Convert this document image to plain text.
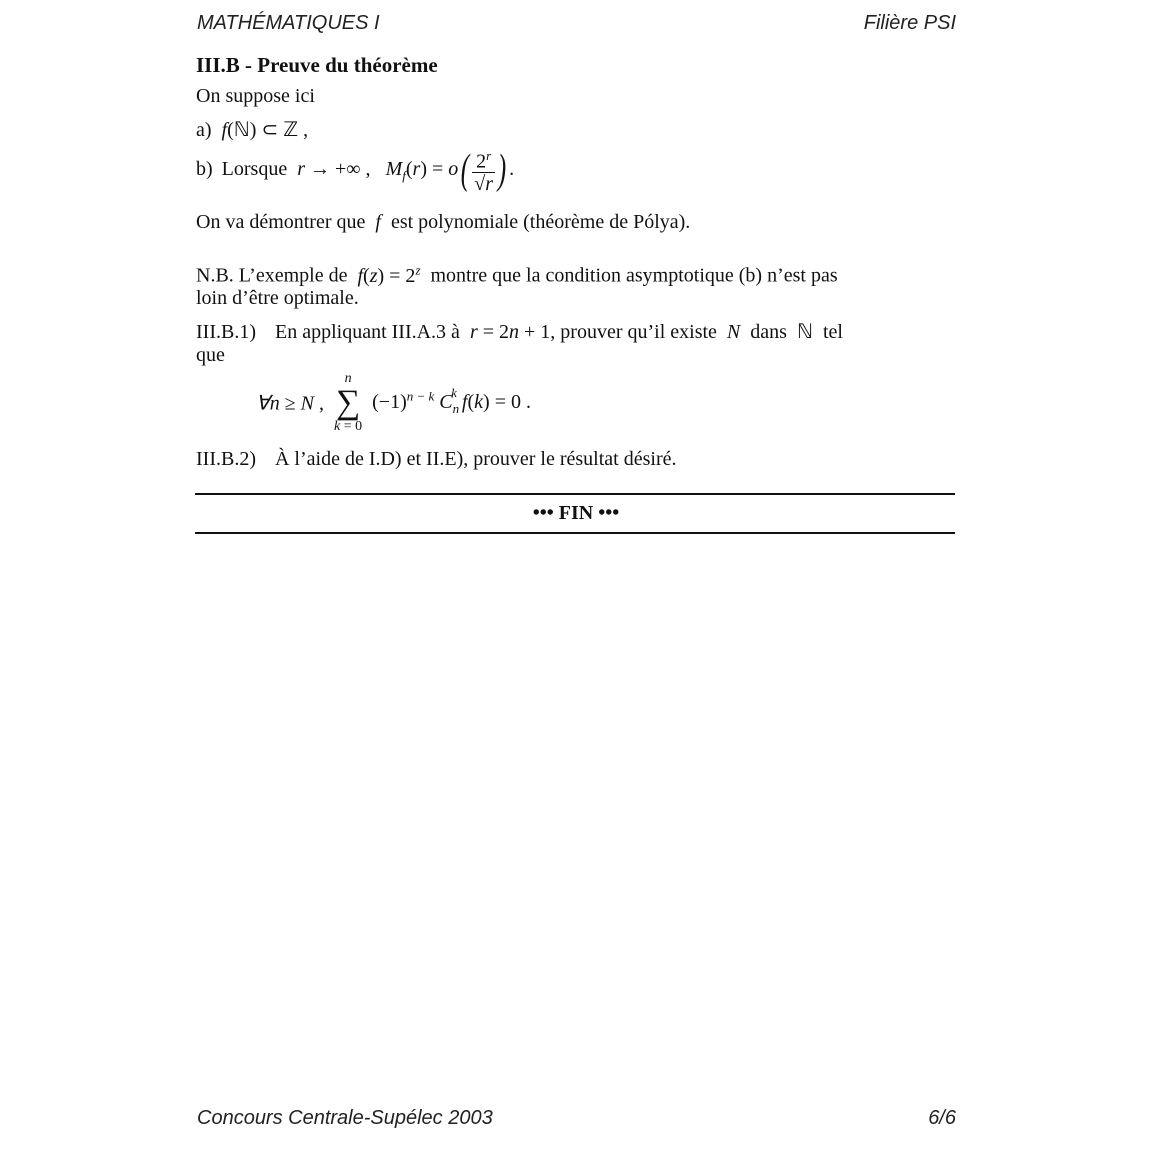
MATHÉMATIQUES I	Filière PSI
III.B - Preuve du théorème
On suppose ici
a)  f(ℕ) ⊂ ℤ ,
b) Lorsque  r → +∞ ,   $M_f(r) = o( \frac{2^r}{√r}$ ) .
On va démontrer que  f  est polynomiale (théorème de Pólya).
N.B. L’exemple de  $f(z) = 2^z$ montre que la condition asymptotique (b) n’est pas
loin d’être optimale.
III.B.1) En appliquant III.A.3 à  r = 2n + 1, prouver qu’il existe  N  dans  ℕ  tel
que
∀n ≥ N ,
n
∑
k = 0
$(-1)^{n - k}$ $C_n^k$ f(k) = 0 .
III.B.2) À l’aide de I.D) et II.E), prouver le résultat désiré.
••• FIN •••
Concours Centrale-Supélec 2003	6/6
